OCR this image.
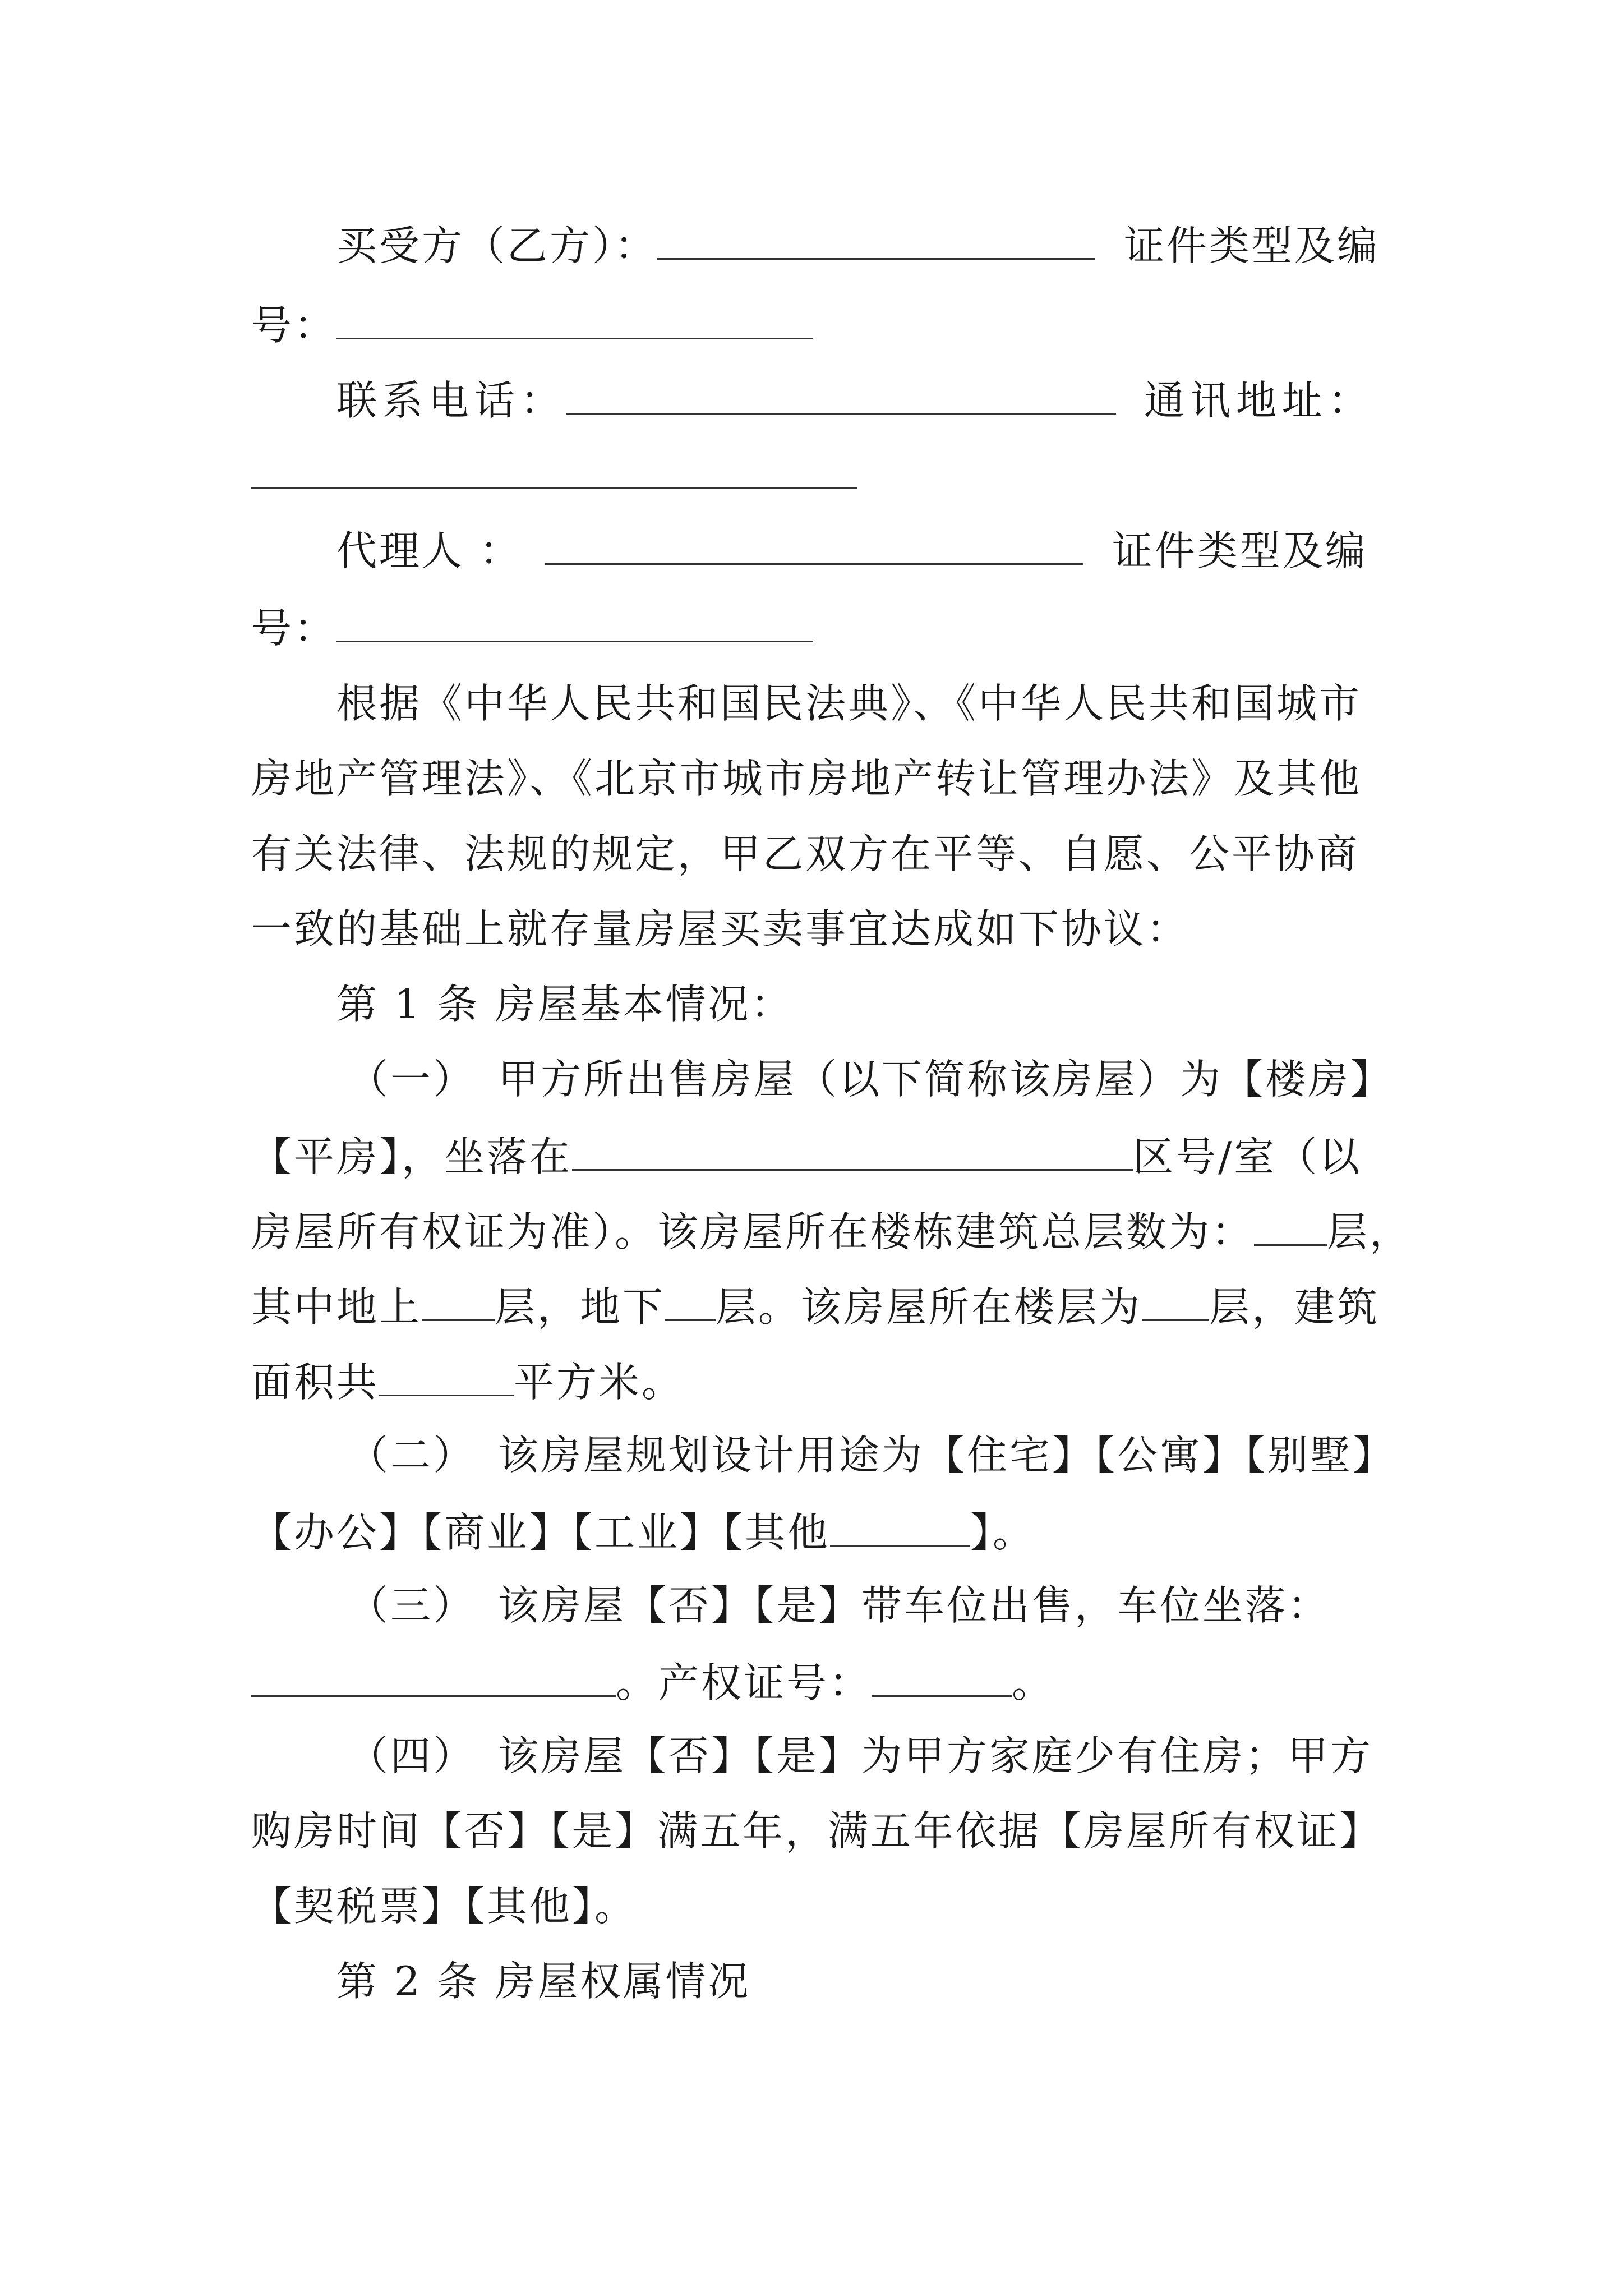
买受方（乙方）：	证件类型及编
号：
联系电话：	通讯地址：
代理人 ：	证件类型及编
号：
根据《中华人民共和国民法典》、《中华人民共和国城市
房地产管理法》、《北京市城市房地产转让管理办法》及其他
有关法律、法规的规定，甲乙双方在平等、自愿、公平协商
一致的基础上就存量房屋买卖事宜达成如下协议：
第 1 条 房屋基本情况：
（一） 甲方所出售房屋（以下简称该房屋）为【楼房】
【平房】，坐落在	区号/室（以
房屋所有权证为准）。该房屋所在楼栋建筑总层数为： 层，
其中地上 层，地下 层。该房屋所在楼层为 层，建筑
面积共	平方米。
（二） 该房屋规划设计用途为【住宅】【公寓】【别墅】
【办公】【商业】【工业】【其他	】。
（三） 该房屋【否】【是】带车位出售，车位坐落：
。产权证号：	。
（四） 该房屋【否】【是】为甲方家庭少有住房；甲方
购房时间【否】【是】满五年，满五年依据【房屋所有权证】
【契税票】【其他】。
第 2 条 房屋权属情况
